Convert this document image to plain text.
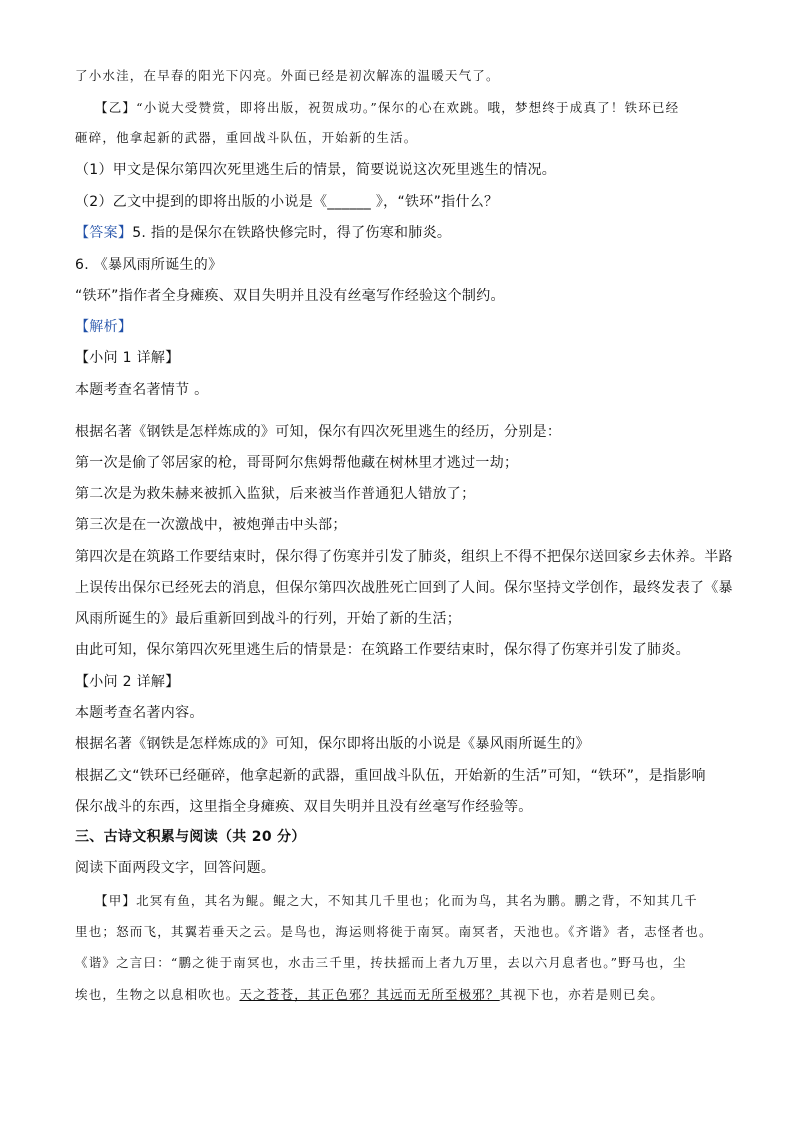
了小水洼，在早春的阳光下闪亮。外面已经是初次解冻的温暖天气了。
【乙】“小说大受赞赏，即将出版，祝贺成功。”保尔的心在欢跳。哦，梦想终于成真了！铁环已经
砸碎，他拿起新的武器，重回战斗队伍，开始新的生活。
（1）甲文是保尔第四次死里逃生后的情景，简要说说这次死里逃生的情况。
（2）乙文中提到的即将出版的小说是《______ 》，“铁环”指什么？
【答案】5. 指的是保尔在铁路快修完时，得了伤寒和肺炎。
6. 《暴风雨所诞生的》
“铁环”指作者全身瘫痪、双目失明并且没有丝毫写作经验这个制约。
【解析】
【小问 1 详解】
本题考查名著情节 。
根据名著《钢铁是怎样炼成的》可知，保尔有四次死里逃生的经历，分别是：
第一次是偷了邻居家的枪，哥哥阿尔焦姆帮他藏在树林里才逃过一劫；
第二次是为救朱赫来被抓入监狱，后来被当作普通犯人错放了；
第三次是在一次激战中，被炮弹击中头部；
第四次是在筑路工作要结束时，保尔得了伤寒并引发了肺炎，组织上不得不把保尔送回家乡去休养。半路
上误传出保尔已经死去的消息，但保尔第四次战胜死亡回到了人间。保尔坚持文学创作，最终发表了《暴
风雨所诞生的》最后重新回到战斗的行列，开始了新的生活；
由此可知，保尔第四次死里逃生后的情景是：在筑路工作要结束时，保尔得了伤寒并引发了肺炎。
【小问 2 详解】
本题考查名著内容。
根据名著《钢铁是怎样炼成的》可知，保尔即将出版的小说是《暴风雨所诞生的》
根据乙文“铁环已经砸碎，他拿起新的武器，重回战斗队伍，开始新的生活”可知，“铁环”，是指影响
保尔战斗的东西，这里指全身瘫痪、双目失明并且没有丝毫写作经验等。
三、古诗文积累与阅读（共 20 分）
阅读下面两段文字，回答问题。
【甲】北冥有鱼，其名为鲲。鲲之大，不知其几千里也；化而为鸟，其名为鹏。鹏之背，不知其几千
里也；怒而飞，其翼若垂天之云。是鸟也，海运则将徙于南冥。南冥者，天池也。《齐谐》者，志怪者也。
《谐》之言曰：“鹏之徙于南冥也，水击三千里，抟扶摇而上者九万里，去以六月息者也。”野马也，尘
埃也，生物之以息相吹也。天之苍苍，其正色邪？其远而无所至极邪？其视下也，亦若是则已矣。
